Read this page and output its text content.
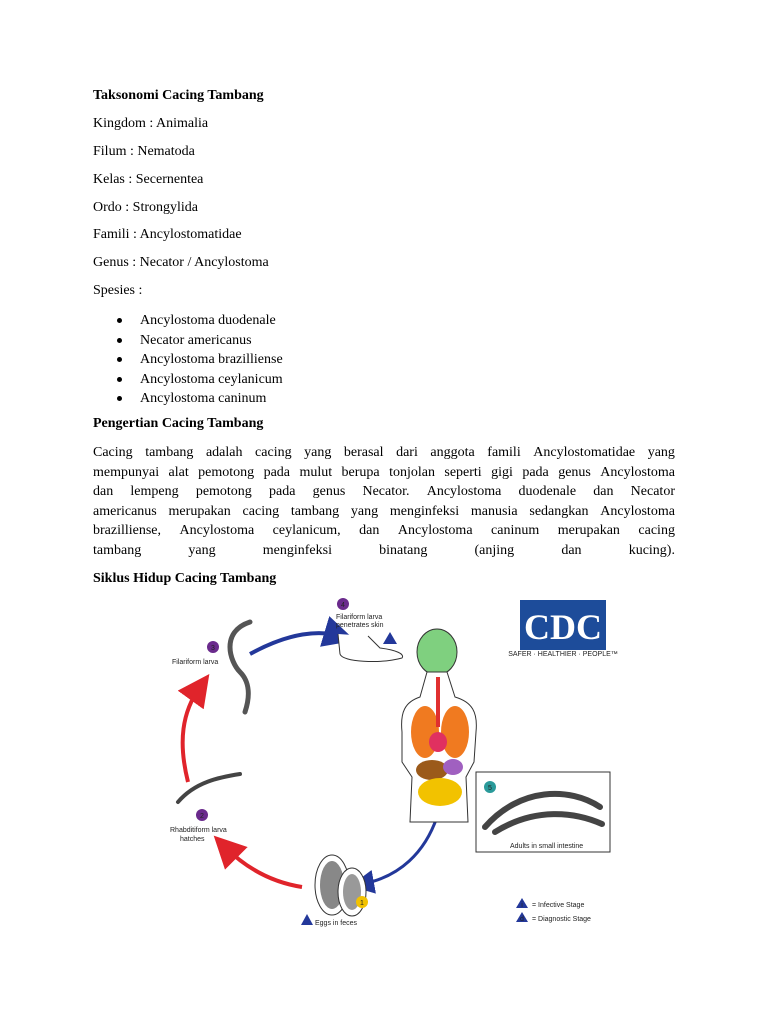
Taksonomi Cacing Tambang
Kingdom : Animalia
Filum : Nematoda
Kelas : Secernentea
Ordo : Strongylida
Famili : Ancylostomatidae
Genus : Necator / Ancylostoma
Spesies :
Ancylostoma duodenale
Necator americanus
Ancylostoma brazilliense
Ancylostoma ceylanicum
Ancylostoma caninum
Pengertian Cacing Tambang
Cacing tambang adalah cacing yang berasal dari anggota famili Ancylostomatidae yang
mempunyai alat pemotong pada mulut berupa tonjolan seperti gigi pada genus Ancylostoma
dan lempeng pemotong pada genus Necator. Ancylostoma duodenale dan Necator
americanus merupakan cacing tambang yang menginfeksi manusia sedangkan Ancylostoma
brazilliense, Ancylostoma ceylanicum, dan Ancylostoma caninum merupakan cacing
tambang	yang	menginfeksi	binatang	(anjing	dan	kucing).
Siklus Hidup Cacing Tambang
CDC
SAFER · HEALTHIER · PEOPLE™
3
Filariform larva
4
Filariform larva
penetrates skin
5
Adults in small intestine
2
Rhabditiform larva
hatches
1
Eggs in feces
i = Infective Stage
d = Diagnostic Stage
